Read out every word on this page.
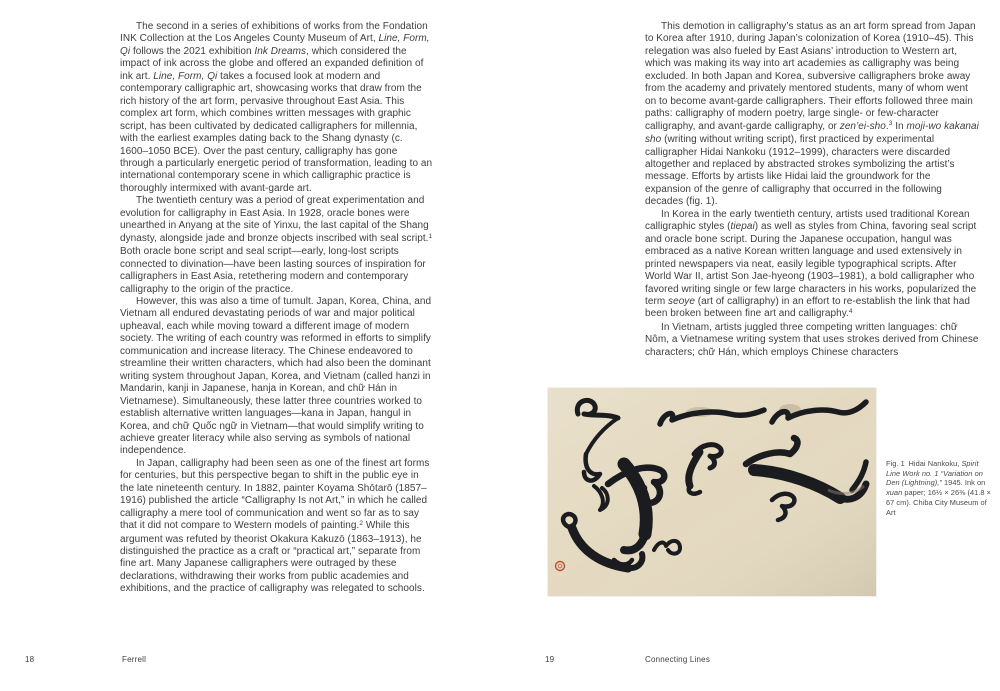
The second in a series of exhibitions of works from the Fondation INK Collection at the Los Angeles County Museum of Art, Line, Form, Qi follows the 2021 exhibition Ink Dreams, which considered the impact of ink across the globe and offered an expanded definition of ink art. Line, Form, Qi takes a focused look at modern and contemporary calligraphic art, showcasing works that draw from the rich history of the art form, pervasive throughout East Asia. This complex art form, which combines written messages with graphic script, has been cultivated by dedicated calligraphers for millennia, with the earliest examples dating back to the Shang dynasty (c. 1600–1050 BCE). Over the past century, calligraphy has gone through a particularly energetic period of transformation, leading to an international contemporary scene in which calligraphic practice is thoroughly intermixed with avant-garde art.

The twentieth century was a period of great experimentation and evolution for calligraphy in East Asia. In 1928, oracle bones were unearthed in Anyang at the site of Yinxu, the last capital of the Shang dynasty, alongside jade and bronze objects inscribed with seal script.$^1$ Both oracle bone script and seal script—early, long-lost scripts connected to divination—have been lasting sources of inspiration for calligraphers in East Asia, retethering modern and contemporary calligraphy to the origin of the practice.

However, this was also a time of tumult. Japan, Korea, China, and Vietnam all endured devastating periods of war and major political upheaval, each while moving toward a different image of modern society. The writing of each country was reformed in efforts to simplify communication and increase literacy. The Chinese endeavored to streamline their written characters, which had also been the dominant writing system throughout Japan, Korea, and Vietnam (called hanzi in Mandarin, kanji in Japanese, hanja in Korean, and chữ Hán in Vietnamese). Simultaneously, these latter three countries worked to establish alternative written languages—kana in Japan, hangul in Korea, and chữ Quốc ngữ in Vietnam—that would simplify writing to achieve greater literacy while also serving as symbols of national independence.

In Japan, calligraphy had been seen as one of the finest art forms for centuries, but this perspective began to shift in the public eye in the late nineteenth century. In 1882, painter Koyama Shōtarō (1857–1916) published the article “Calligraphy Is not Art,” in which he called calligraphy a mere tool of communication and went so far as to say that it did not compare to Western models of painting.$^2$ While this argument was refuted by theorist Okakura Kakuzō (1863–1913), he distinguished the practice as a craft or “practical art,” separate from fine art. Many Japanese calligraphers were outraged by these declarations, withdrawing their works from public academies and exhibitions, and the practice of calligraphy was relegated to schools.

This demotion in calligraphy’s status as an art form spread from Japan to Korea after 1910, during Japan’s colonization of Korea (1910–45). This relegation was also fueled by East Asians’ introduction to Western art, which was making its way into art academies as calligraphy was being excluded. In both Japan and Korea, subversive calligraphers broke away from the academy and privately mentored students, many of whom went on to become avant-garde calligraphers. Their efforts followed three main paths: calligraphy of modern poetry, large single- or few-character calligraphy, and avant-garde calligraphy, or zen’ei-sho.$^3$ In moji-wo kakanai sho (writing without writing script), first practiced by experimental calligrapher Hidai Nankoku (1912–1999), characters were discarded altogether and replaced by abstracted strokes symbolizing the artist’s message. Efforts by artists like Hidai laid the groundwork for the expansion of the genre of calligraphy that occurred in the following decades (fig. 1).

In Korea in the early twentieth century, artists used traditional Korean calligraphic styles (tiepai) as well as styles from China, favoring seal script and oracle bone script. During the Japanese occupation, hangul was embraced as a native Korean written language and used extensively in printed newspapers via neat, easily legible typographical scripts. After World War II, artist Son Jae-hyeong (1903–1981), a bold calligrapher who favored writing single or few large characters in his works, popularized the term seoye (art of calligraphy) in an effort to re-establish the link that had been broken between fine art and calligraphy.$^4$

In Vietnam, artists juggled three competing written languages: chữ Nôm, a Vietnamese writing system that uses strokes derived from Chinese characters; chữ Hán, which employs Chinese characters

Fig. 1 Hidai Nankoku, Spirit Line Work no. 1 “Variation on Den (Lightning),” 1945. Ink on xuan paper; 16½ × 26⅜ (41.8 × 67 cm). Chiba City Museum of Art
18	Ferrell	19	Connecting Lines
